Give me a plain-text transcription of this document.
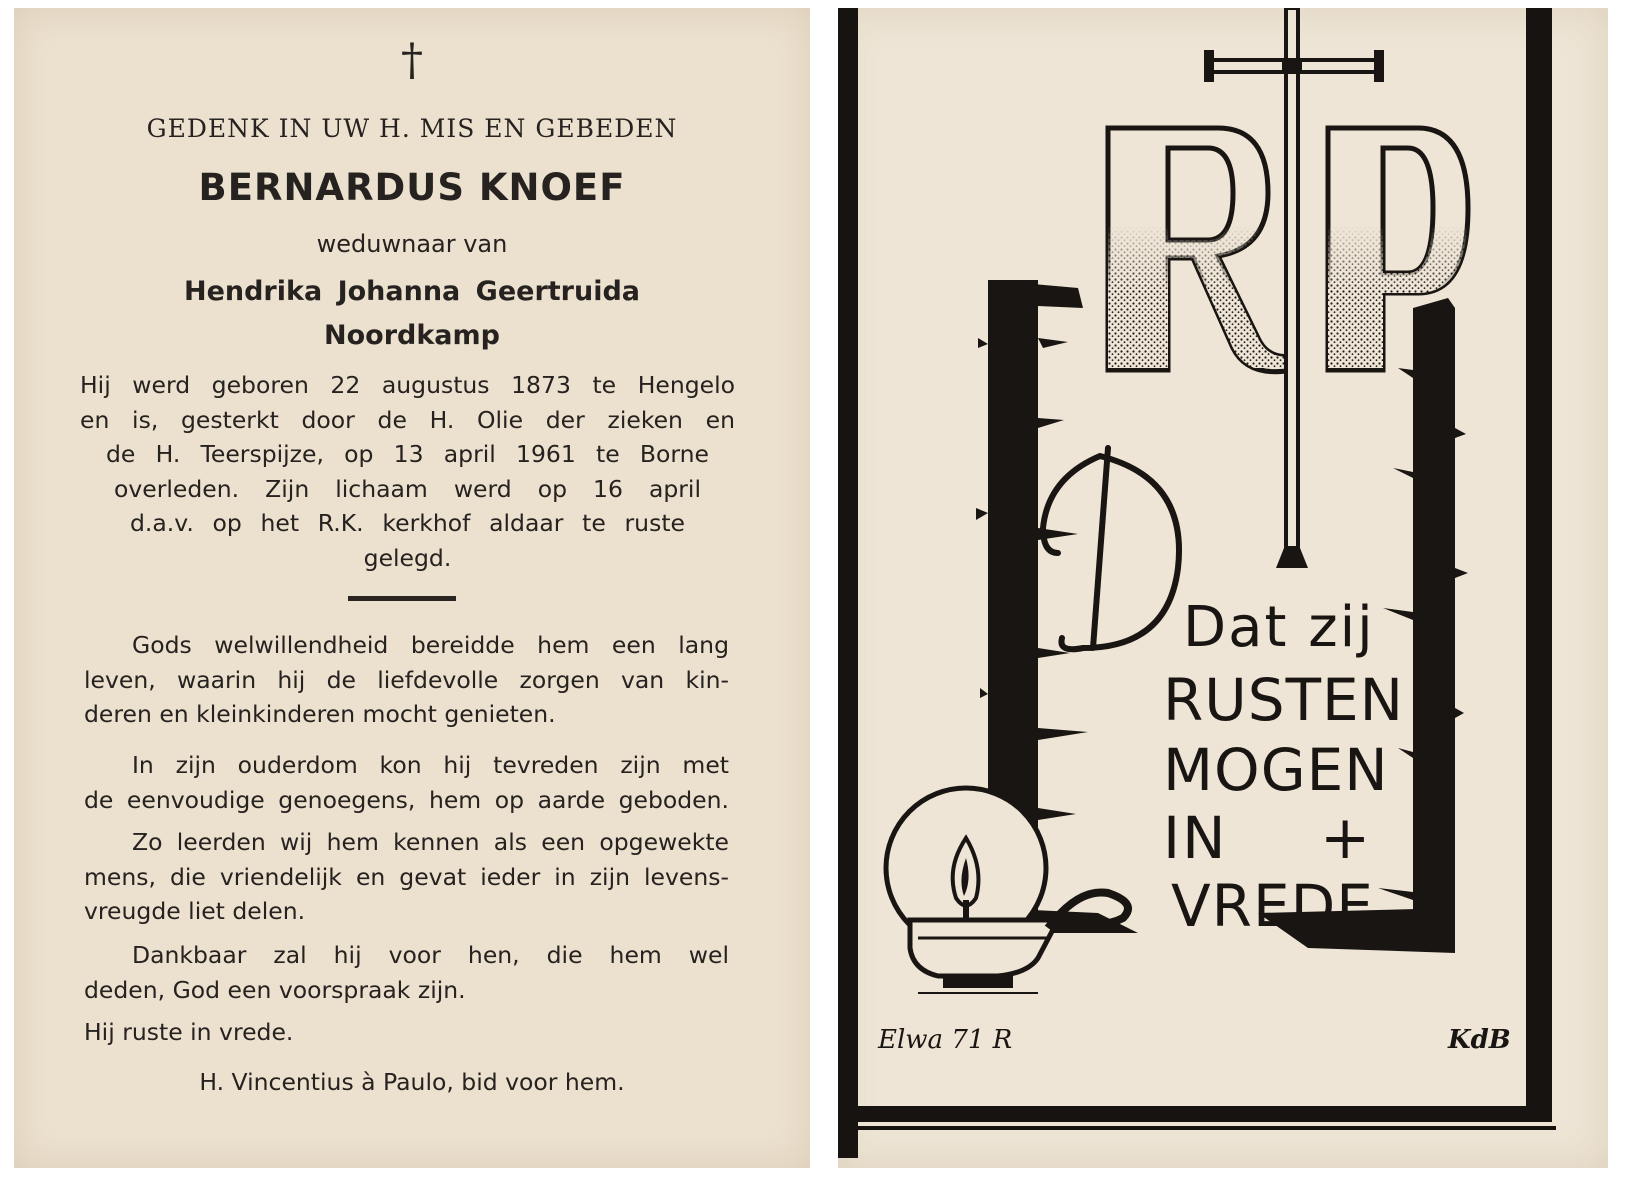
†
GEDENK IN UW H. MIS EN GEBEDEN
BERNARDUS KNOEF
weduwnaar van
Hendrika Johanna Geertruida
Noordkamp
Hij werd geboren 22 augustus 1873 te Hengelo
en is, gesterkt door de H. Olie der zieken en
de H. Teerspijze, op 13 april 1961 te Borne
overleden. Zijn lichaam werd op 16 april
d.a.v. op het R.K. kerkhof aldaar te ruste
gelegd.
Gods welwillendheid bereidde hem een lang
leven, waarin hij de liefdevolle zorgen van kin-
deren en kleinkinderen mocht genieten.
In zijn ouderdom kon hij tevreden zijn met
de eenvoudige genoegens, hem op aarde geboden.
Zo leerden wij hem kennen als een opgewekte
mens, die vriendelijk en gevat ieder in zijn levens-
vreugde liet delen.
Dankbaar zal hij voor hen, die hem wel
deden, God een voorspraak zijn.
Hij ruste in vrede.
H. Vincentius à Paulo, bid voor hem.
Dat zij
RUSTEN
MOGEN
IN +
VREDE
Elwa 71 R	KdB
